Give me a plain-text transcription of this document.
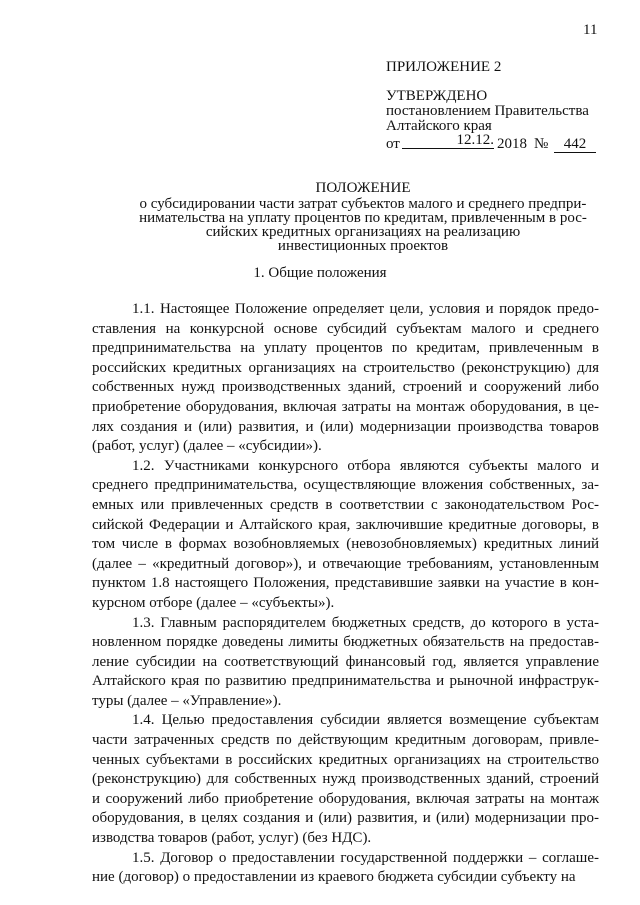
11
ПРИЛОЖЕНИЕ 2
УТВЕРЖДЕНО
постановлением Правительства
Алтайского края
от	12.12. 2018 №	442
ПОЛОЖЕНИЕ
о субсидировании части затрат субъектов малого и среднего предпри-
нимательства на уплату процентов по кредитам, привлеченным в рос-
сийских кредитных организациях на реализацию
инвестиционных проектов
1. Общие положения

1.1. Настоящее Положение определяет цели, условия и порядок предо-ставления на конкурсной основе субсидий субъектам малого и среднего предпринимательства на уплату процентов по кредитам, привлеченным в российских кредитных организациях на строительство (реконструкцию) для собственных нужд производственных зданий, строений и сооружений либо приобретение оборудования, включая затраты на монтаж оборудования, в це-лях создания и (или) развития, и (или) модернизации производства товаров (работ, услуг) (далее – «субсидии»).

1.2. Участниками конкурсного отбора являются субъекты малого и среднего предпринимательства, осуществляющие вложения собственных, за-емных или привлеченных средств в соответствии с законодательством Рос-сийской Федерации и Алтайского края, заключившие кредитные договоры, в том числе в формах возобновляемых (невозобновляемых) кредитных линий (далее – «кредитный договор»), и отвечающие требованиям, установленным пунктом 1.8 настоящего Положения, представившие заявки на участие в кон-курсном отборе (далее – «субъекты»).

1.3. Главным распорядителем бюджетных средств, до которого в уста-новленном порядке доведены лимиты бюджетных обязательств на предостав-ление субсидии на соответствующий финансовый год, является управление Алтайского края по развитию предпринимательства и рыночной инфраструк-туры (далее – «Управление»).

1.4. Целью предоставления субсидии является возмещение субъектам части затраченных средств по действующим кредитным договорам, привле-ченных субъектами в российских кредитных организациях на строительство (реконструкцию) для собственных нужд производственных зданий, строений и сооружений либо приобретение оборудования, включая затраты на монтаж оборудования, в целях создания и (или) развития, и (или) модернизации про-изводства товаров (работ, услуг) (без НДС).

1.5. Договор о предоставлении государственной поддержки – соглаше-ние (договор) о предоставлении из краевого бюджета субсидии субъекту на
